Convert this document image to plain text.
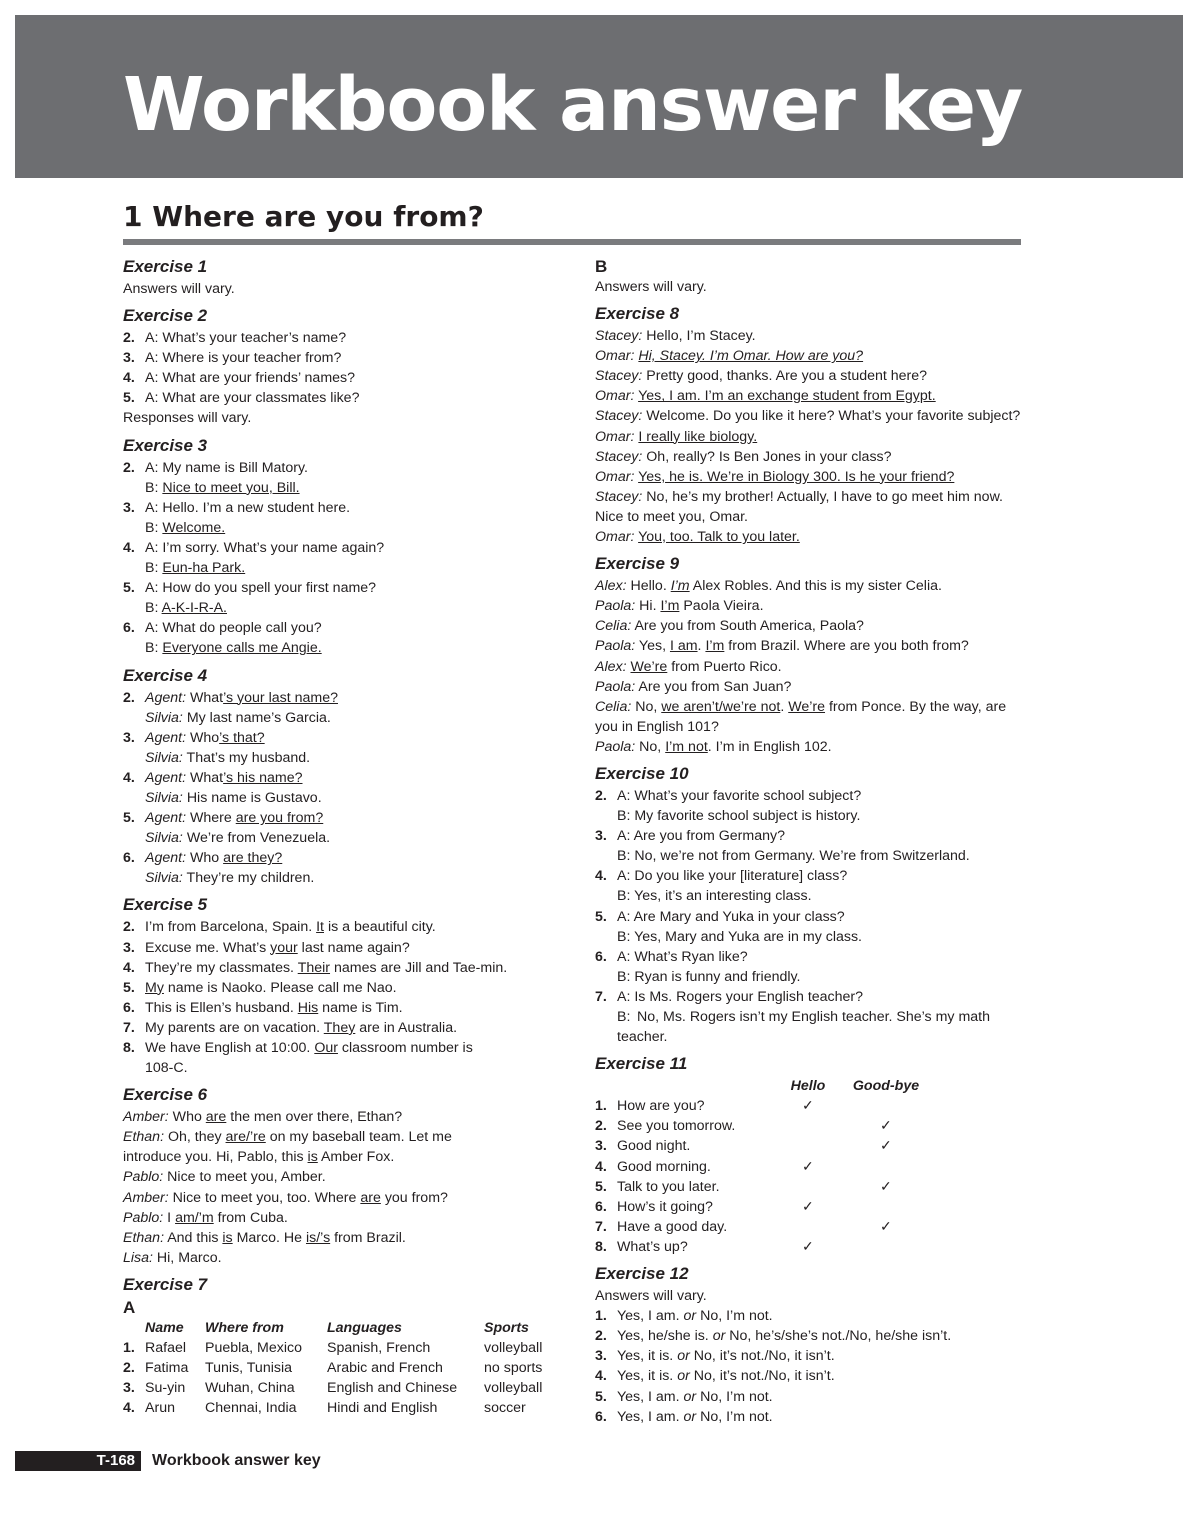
Workbook answer key
1 Where are you from?
Exercise 1
Answers will vary.
Exercise 2
2. A: What’s your teacher’s name?
3. A: Where is your teacher from?
4. A: What are your friends’ names?
5. A: What are your classmates like?
Responses will vary.
Exercise 3
2. A: My name is Bill Matory.
B: Nice to meet you, Bill.
3. A: Hello. I’m a new student here.
B: Welcome.
4. A: I’m sorry. What’s your name again?
B: Eun-ha Park.
5. A: How do you spell your first name?
B: A-K-I-R-A.
6. A: What do people call you?
B: Everyone calls me Angie.
Exercise 4
2. Agent: What’s your last name?
Silvia: My last name’s Garcia.
3. Agent: Who’s that?
Silvia: That’s my husband.
4. Agent: What’s his name?
Silvia: His name is Gustavo.
5. Agent: Where are you from?
Silvia: We’re from Venezuela.
6. Agent: Who are they?
Silvia: They’re my children.
Exercise 5
2. I’m from Barcelona, Spain. It is a beautiful city.
3. Excuse me. What’s your last name again?
4. They’re my classmates. Their names are Jill and Tae-min.
5. My name is Naoko. Please call me Nao.
6. This is Ellen’s husband. His name is Tim.
7. My parents are on vacation. They are in Australia.
8. We have English at 10:00. Our classroom number is
108-C.
Exercise 6
Amber: Who are the men over there, Ethan?
Ethan: Oh, they are/’re on my baseball team. Let me
introduce you. Hi, Pablo, this is Amber Fox.
Pablo: Nice to meet you, Amber.
Amber: Nice to meet you, too. Where are you from?
Pablo: I am/’m from Cuba.
Ethan: And this is Marco. He is/’s from Brazil.
Lisa: Hi, Marco.
Exercise 7
A
	Name	Where from	Languages	Sports
1.	Rafael	Puebla, Mexico	Spanish, French	volleyball
2.	Fatima	Tunis, Tunisia	Arabic and French	no sports
3.	Su-yin	Wuhan, China	English and Chinese	volleyball
4.	Arun	Chennai, India	Hindi and English	soccer
B
Answers will vary.
Exercise 8
Stacey: Hello, I’m Stacey.
Omar: Hi, Stacey. I’m Omar. How are you?
Stacey: Pretty good, thanks. Are you a student here?
Omar: Yes, I am. I’m an exchange student from Egypt.
Stacey: Welcome. Do you like it here? What’s your favorite subject?
Omar: I really like biology.
Stacey: Oh, really? Is Ben Jones in your class?
Omar: Yes, he is. We’re in Biology 300. Is he your friend?
Stacey: No, he’s my brother! Actually, I have to go meet him now. Nice to meet you, Omar.
Omar: You, too. Talk to you later.
Exercise 9
Alex: Hello. I’m Alex Robles. And this is my sister Celia.
Paola: Hi. I’m Paola Vieira.
Celia: Are you from South America, Paola?
Paola: Yes, I am. I’m from Brazil. Where are you both from?
Alex: We’re from Puerto Rico.
Paola: Are you from San Juan?
Celia: No, we aren’t/we’re not. We’re from Ponce. By the way, are you in English 101?
Paola: No, I’m not. I’m in English 102.
Exercise 10
2. A: What’s your favorite school subject?
B: My favorite school subject is history.
3. A: Are you from Germany?
B: No, we’re not from Germany. We’re from Switzerland.
4. A: Do you like your [literature] class?
B: Yes, it’s an interesting class.
5. A: Are Mary and Yuka in your class?
B: Yes, Mary and Yuka are in my class.
6. A: What’s Ryan like?
B: Ryan is funny and friendly.
7. A: Is Ms. Rogers your English teacher?
B: No, Ms. Rogers isn’t my English teacher. She’s my math teacher.
Exercise 11
		Hello	Good-bye
1.	How are you?	✓	
2.	See you tomorrow.		✓
3.	Good night.		✓
4.	Good morning.	✓	
5.	Talk to you later.		✓
6.	How’s it going?	✓	
7.	Have a good day.		✓
8.	What’s up?	✓	
Exercise 12
Answers will vary.
1. Yes, I am. or No, I’m not.
2. Yes, he/she is. or No, he’s/she’s not./No, he/she isn’t.
3. Yes, it is. or No, it’s not./No, it isn’t.
4. Yes, it is. or No, it’s not./No, it isn’t.
5. Yes, I am. or No, I’m not.
6. Yes, I am. or No, I’m not.
T-168 Workbook answer key
